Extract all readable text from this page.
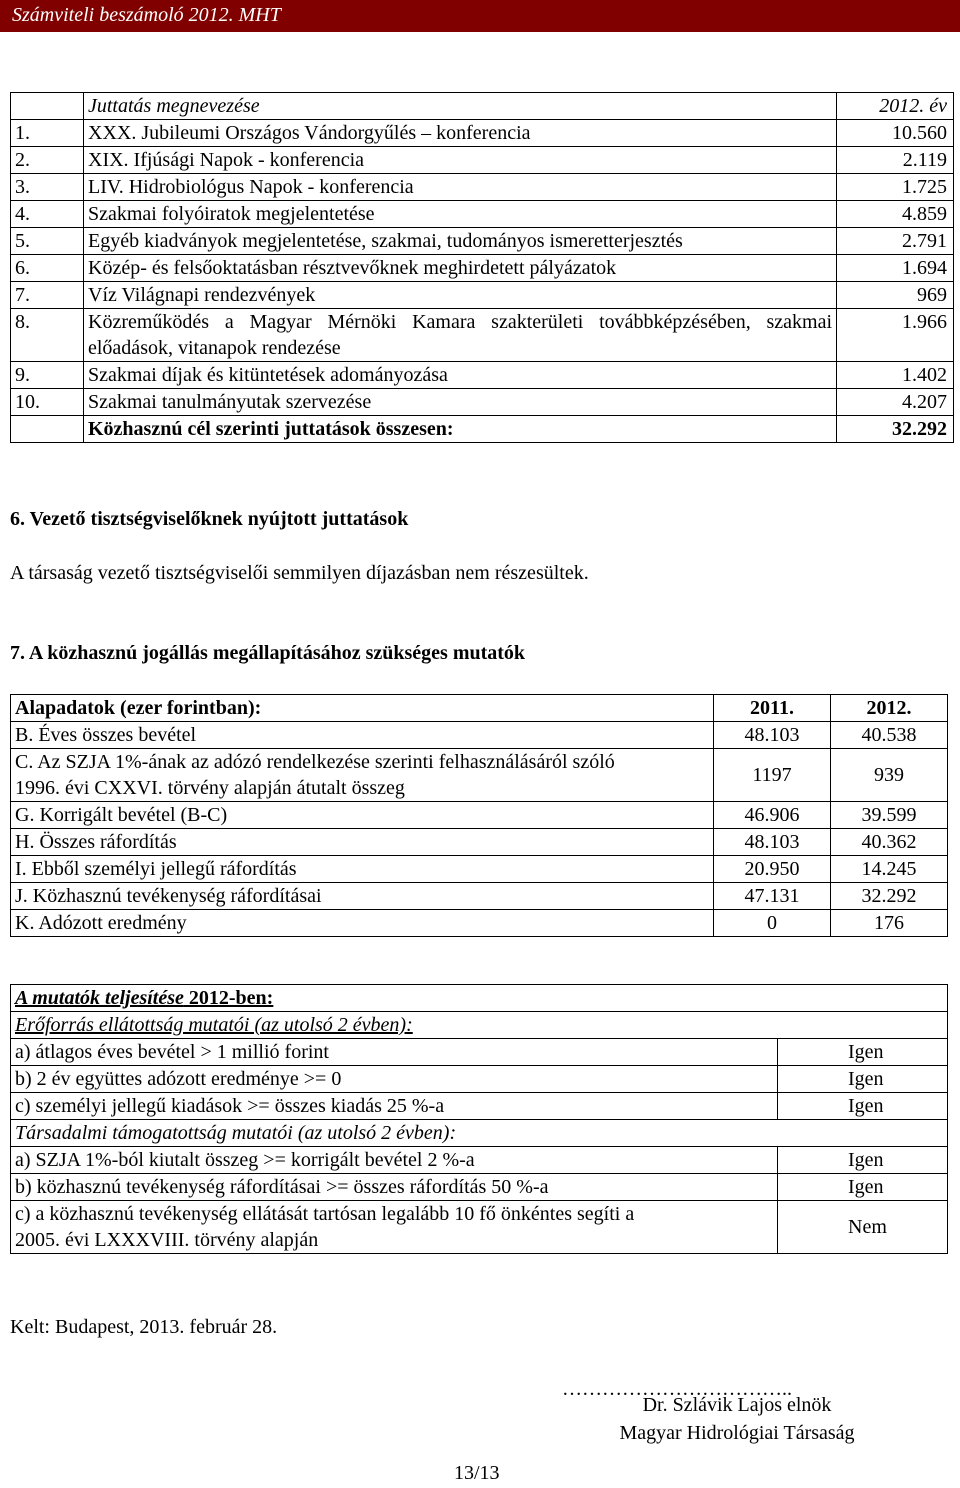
Számviteli beszámoló 2012. MHT
	Juttatás megnevezése	2012. év
1.	XXX. Jubileumi Országos Vándorgyűlés – konferencia	10.560
2.	XIX. Ifjúsági Napok - konferencia	2.119
3.	LIV. Hidrobiológus Napok - konferencia	1.725
4.	Szakmai folyóiratok megjelentetése	4.859
5.	Egyéb kiadványok megjelentetése, szakmai, tudományos ismeretterjesztés	2.791
6.	Közép- és felsőoktatásban résztvevőknek meghirdetett pályázatok	1.694
7.	Víz Világnapi rendezvények	969
8.	Közreműködés a Magyar Mérnöki Kamara szakterületi továbbképzésében, szakmai előadások, vitanapok rendezése	1.966
9.	Szakmai díjak és kitüntetések adományozása	1.402
10.	Szakmai tanulmányutak szervezése	4.207
	Közhasznú cél szerinti juttatások összesen:	32.292
6. Vezető tisztségviselőknek nyújtott juttatások
A társaság vezető tisztségviselői semmilyen díjazásban nem részesültek.
7. A közhasznú jogállás megállapításához szükséges mutatók
Alapadatok (ezer forintban):	2011.	2012.
B. Éves összes bevétel	48.103	40.538
C. Az SZJA 1%-ának az adózó rendelkezése szerinti felhasználásáról szóló 1996. évi CXXVI. törvény alapján átutalt összeg	1197	939
G. Korrigált bevétel (B-C)	46.906	39.599
H. Összes ráfordítás	48.103	40.362
I. Ebből személyi jellegű ráfordítás	20.950	14.245
J. Közhasznú tevékenység ráfordításai	47.131	32.292
K. Adózott eredmény	0	176
A mutatók teljesítése 2012-ben:	
Erőforrás ellátottság mutatói (az utolsó 2 évben):	
a) átlagos éves bevétel > 1 millió forint	Igen
b) 2 év együttes adózott eredménye >= 0	Igen
c) személyi jellegű kiadások >= összes kiadás 25 %-a	Igen
Társadalmi támogatottság mutatói (az utolsó 2 évben):	
a) SZJA 1%-ból kiutalt összeg >= korrigált bevétel 2 %-a	Igen
b) közhasznú tevékenység ráfordításai >= összes ráfordítás 50 %-a	Igen
c) a közhasznú tevékenység ellátását tartósan legalább 10 fő önkéntes segíti a 2005. évi LXXXVIII. törvény alapján	Nem
Kelt: Budapest, 2013. február 28.
……………………………..
Dr. Szlávik Lajos elnök
Magyar Hidrológiai Társaság
13/13
